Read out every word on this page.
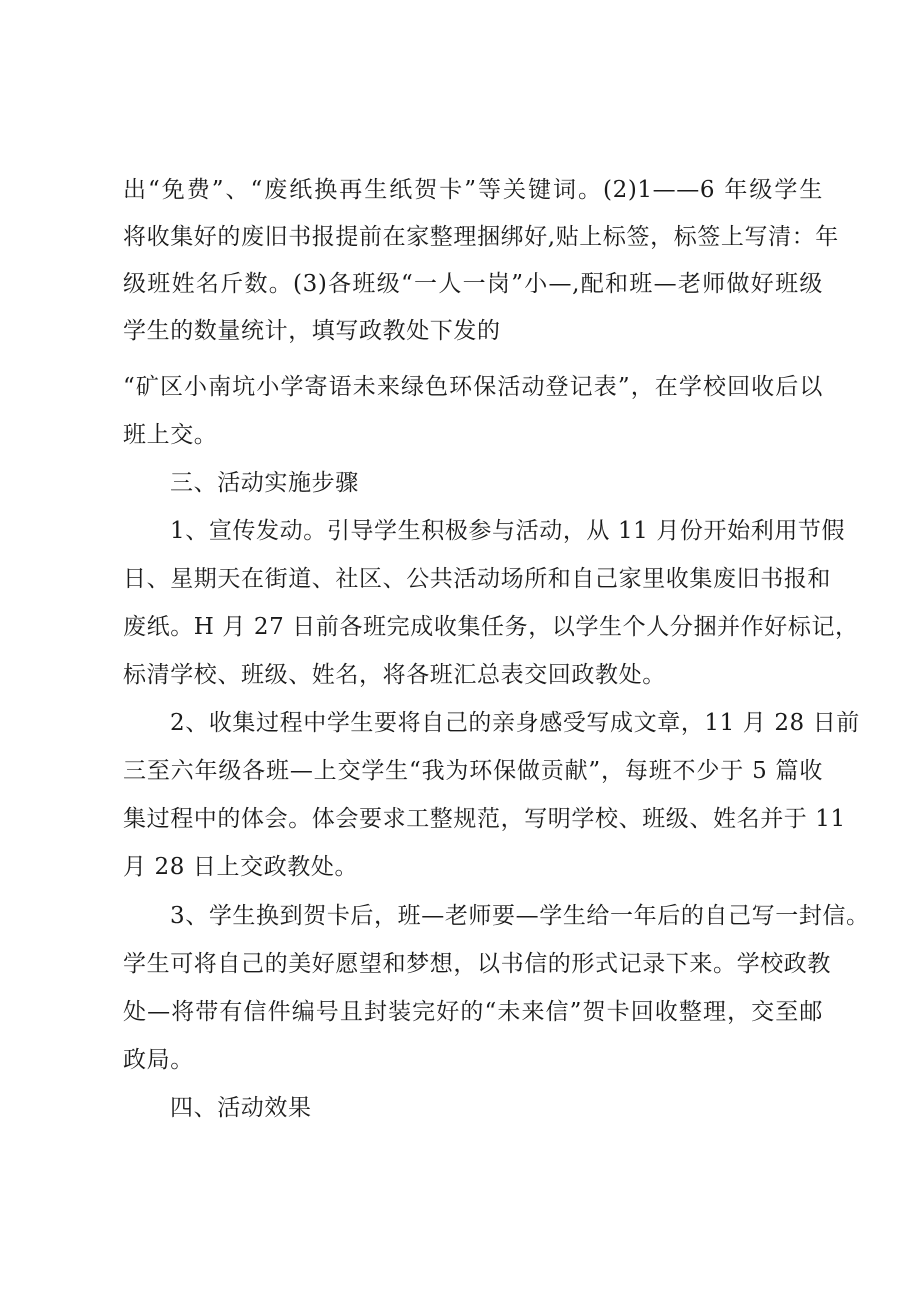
出“免费”、“废纸换再生纸贺卡”等关键词。(2)1——6 年级学生
将收集好的废旧书报提前在家整理捆绑好,贴上标签，标签上写清：年
级班姓名斤数。(3)各班级“一人一岗”小—,配和班—老师做好班级
学生的数量统计，填写政教处下发的
“矿区小南坑小学寄语未来绿色环保活动登记表”，在学校回收后以
班上交。
三、活动实施步骤
1、宣传发动。引导学生积极参与活动，从 11 月份开始利用节假
日、星期天在街道、社区、公共活动场所和自己家里收集废旧书报和
废纸。H 月 27 日前各班完成收集任务，以学生个人分捆并作好标记，
标清学校、班级、姓名，将各班汇总表交回政教处。
2、收集过程中学生要将自己的亲身感受写成文章，11 月 28 日前
三至六年级各班—上交学生“我为环保做贡献”，每班不少于 5 篇收
集过程中的体会。体会要求工整规范，写明学校、班级、姓名并于 11
月 28 日上交政教处。
3、学生换到贺卡后，班—老师要—学生给一年后的自己写一封信。
学生可将自己的美好愿望和梦想，以书信的形式记录下来。学校政教
处—将带有信件编号且封装完好的“未来信”贺卡回收整理，交至邮
政局。
四、活动效果
